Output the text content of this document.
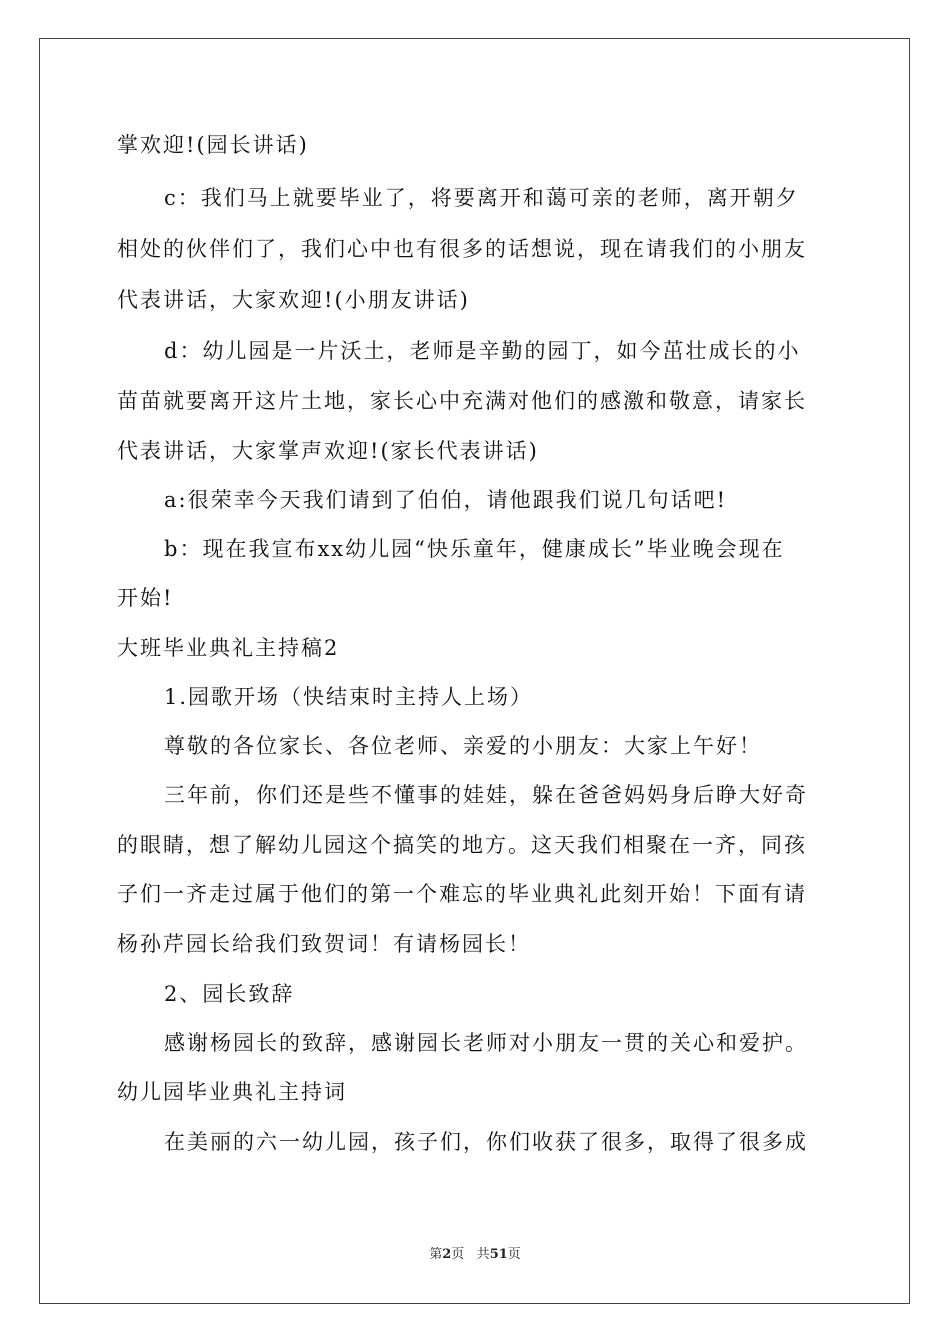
掌欢迎!(园长讲话)
c：我们马上就要毕业了，将要离开和蔼可亲的老师，离开朝夕
相处的伙伴们了，我们心中也有很多的话想说，现在请我们的小朋友
代表讲话，大家欢迎!(小朋友讲话)
d：幼儿园是一片沃土，老师是辛勤的园丁，如今茁壮成长的小
苗苗就要离开这片土地，家长心中充满对他们的感激和敬意，请家长
代表讲话，大家掌声欢迎!(家长代表讲话)
a:很荣幸今天我们请到了伯伯，请他跟我们说几句话吧!
b：现在我宣布xx幼儿园“快乐童年，健康成长”毕业晚会现在
开始!
大班毕业典礼主持稿2
1.园歌开场（快结束时主持人上场）
尊敬的各位家长、各位老师、亲爱的小朋友：大家上午好！
三年前，你们还是些不懂事的娃娃，躲在爸爸妈妈身后睁大好奇
的眼睛，想了解幼儿园这个搞笑的地方。这天我们相聚在一齐，同孩
子们一齐走过属于他们的第一个难忘的毕业典礼此刻开始！下面有请
杨孙芹园长给我们致贺词！有请杨园长！
2、园长致辞
感谢杨园长的致辞，感谢园长老师对小朋友一贯的关心和爱护。
幼儿园毕业典礼主持词
在美丽的六一幼儿园，孩子们，你们收获了很多，取得了很多成
第2页 共51页
